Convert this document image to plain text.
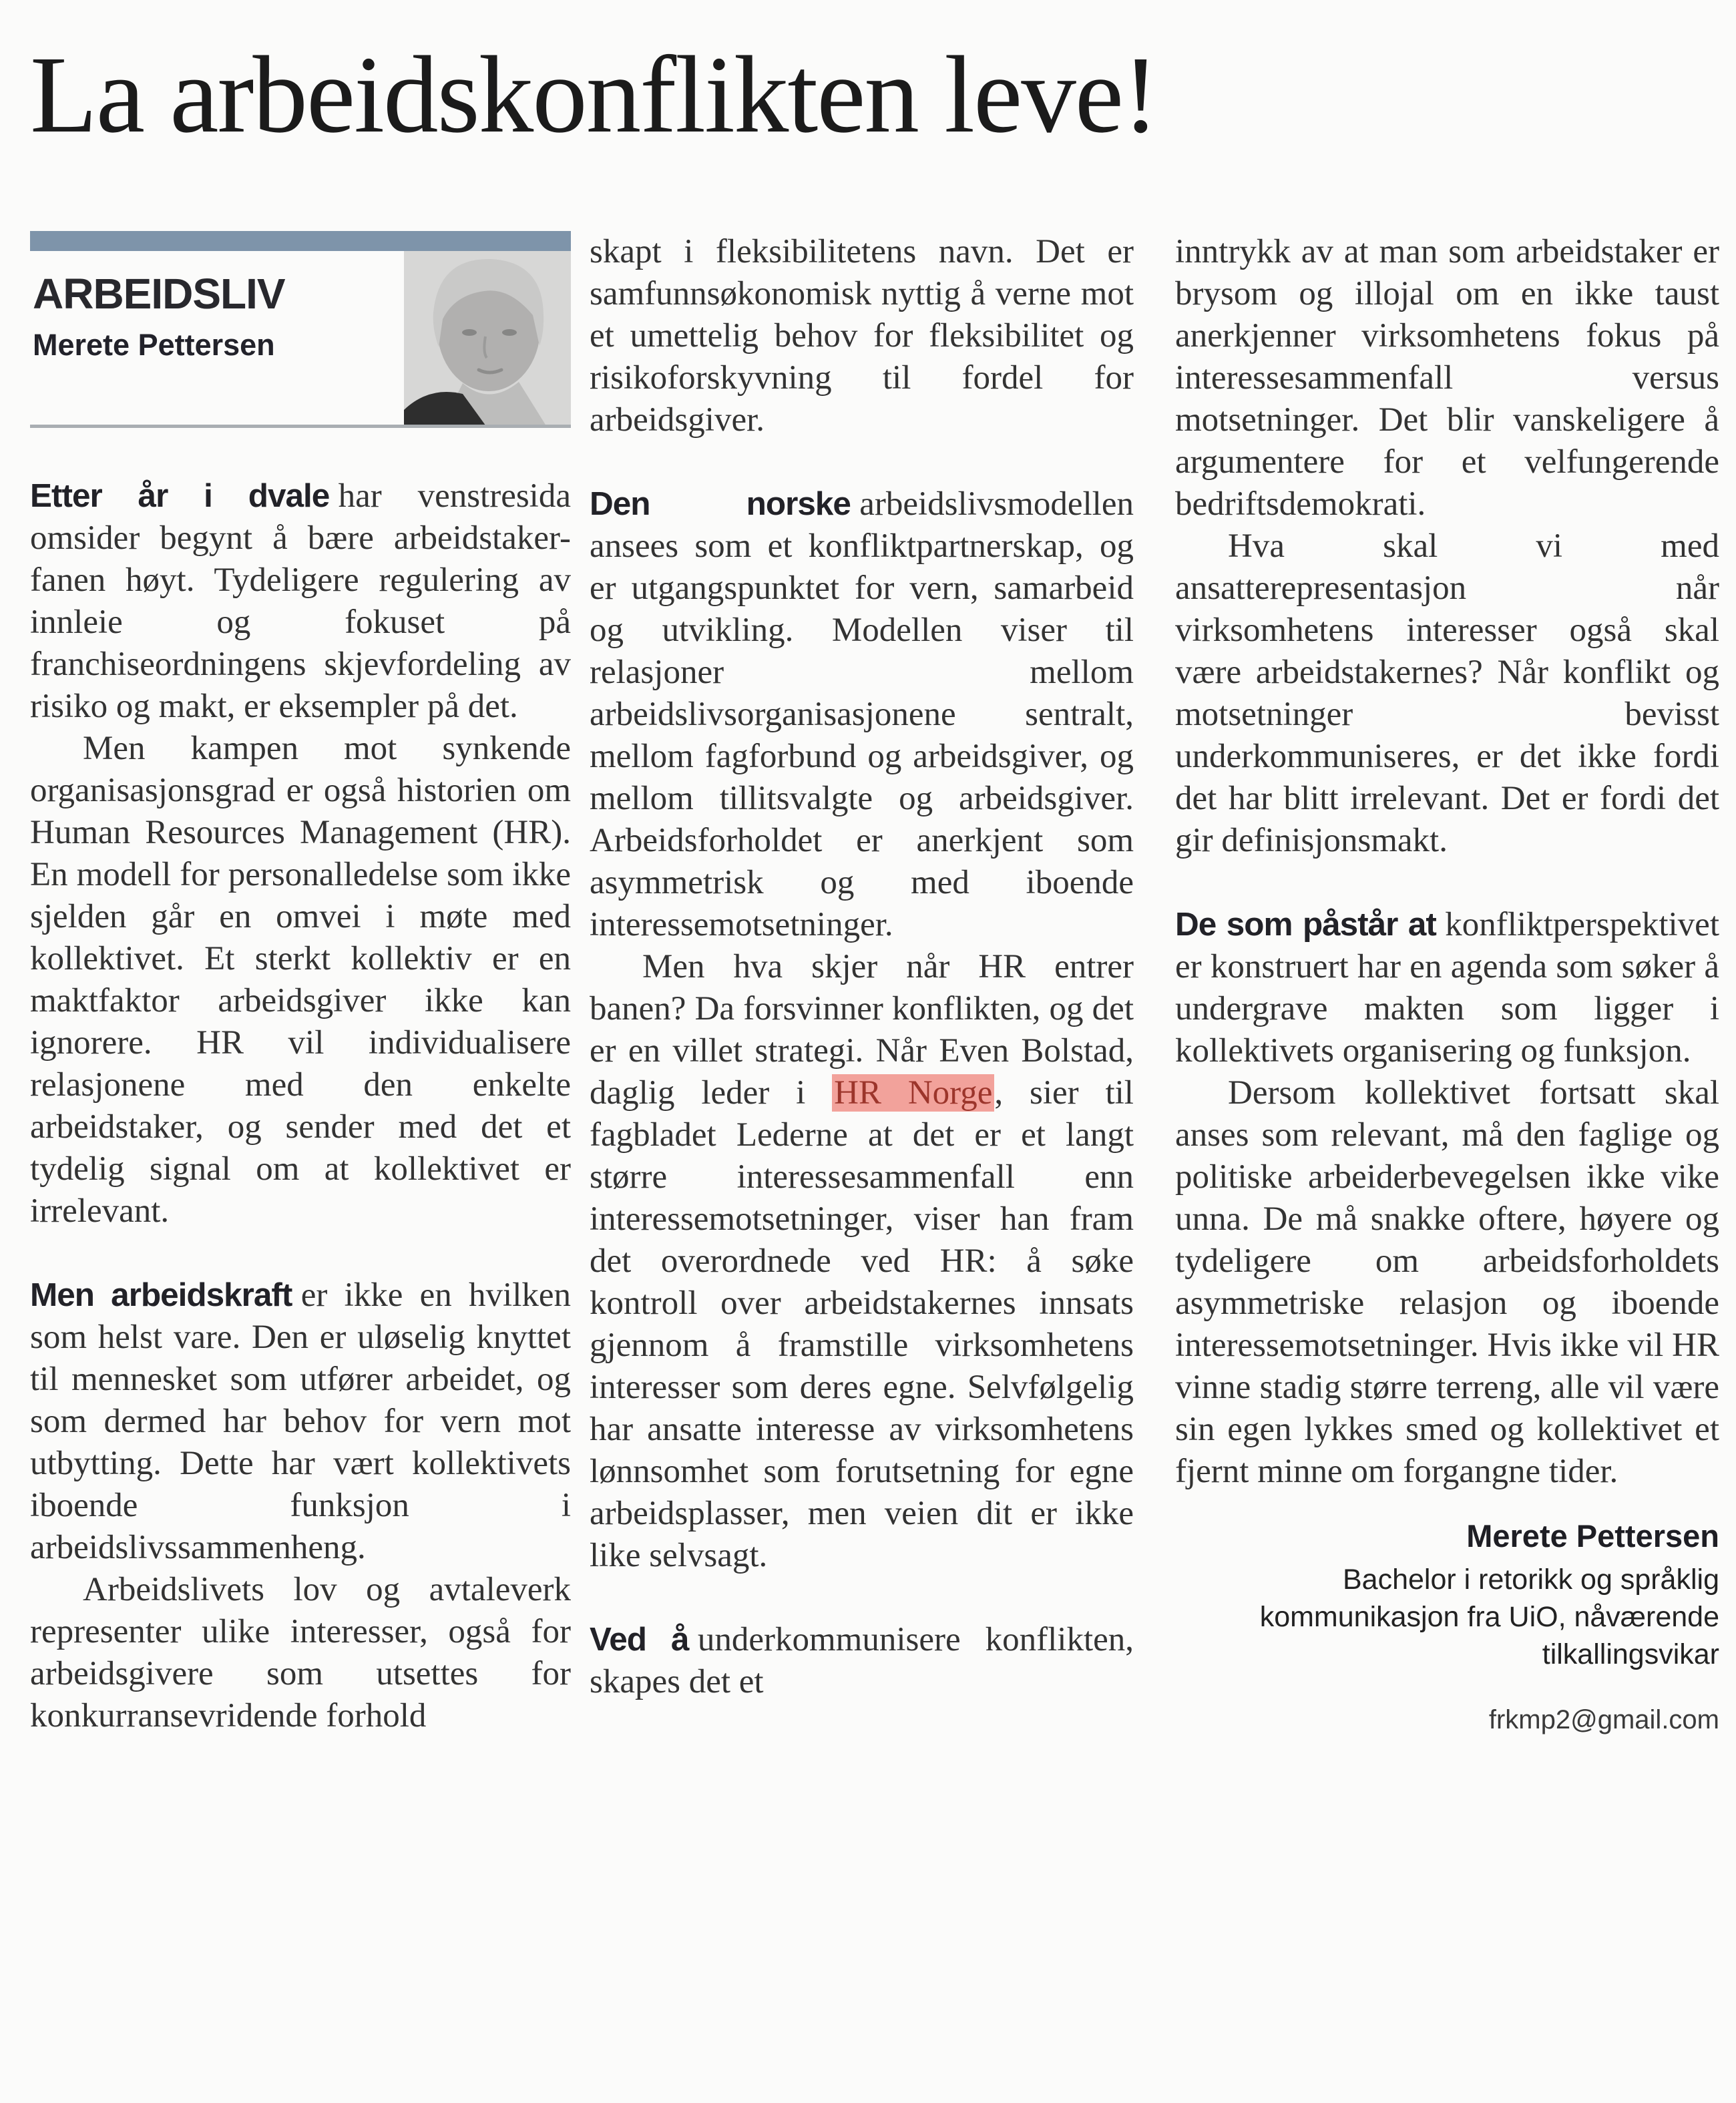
La arbeidskonflikten leve!
ARBEIDSLIV
Merete Pettersen

Etter år i dvale har venstresida omsider begynt å bære arbeidstaker-fanen høyt. Tydeligere regulering av innleie og fokuset på franchiseordningens skjevfordeling av risiko og makt, er eksempler på det.

Men kampen mot synkende organisasjonsgrad er også historien om Human Resources Management (HR). En modell for personalledelse som ikke sjelden går en omvei i møte med kollektivet. Et sterkt kollektiv er en maktfaktor arbeidsgiver ikke kan ignorere. HR vil individualisere relasjonene med den enkelte arbeidstaker, og sender med det et tydelig signal om at kollektivet er irrelevant.

Men arbeidskraft er ikke en hvilken som helst vare. Den er uløselig knyttet til mennesket som utfører arbeidet, og som dermed har behov for vern mot utbytting. Dette har vært kollektivets iboende funksjon i arbeidslivssammenheng.

Arbeidslivets lov og avtaleverk representer ulike interesser, også for arbeidsgivere som utsettes for konkurransevridende forhold

skapt i fleksibilitetens navn. Det er samfunnsøkonomisk nyttig å verne mot et umettelig behov for fleksibilitet og risikoforskyvning til fordel for arbeidsgiver.

Den norske arbeidslivsmodellen ansees som et konfliktpartnerskap, og er utgangspunktet for vern, samarbeid og utvikling. Modellen viser til relasjoner mellom arbeidslivsorganisasjonene sentralt, mellom fagforbund og arbeidsgiver, og mellom tillitsvalgte og arbeidsgiver. Arbeidsforholdet er anerkjent som asymmetrisk og med iboende interessemotsetninger.

Men hva skjer når HR entrer banen? Da forsvinner konflikten, og det er en villet strategi. Når Even Bolstad, daglig leder i HR Norge, sier til fagbladet Lederne at det er et langt større interessesammenfall enn interessemotsetninger, viser han fram det overordnede ved HR: å søke kontroll over arbeidstakernes innsats gjennom å framstille virksomhetens interesser som deres egne. Selvfølgelig har ansatte interesse av virksomhetens lønnsomhet som forutsetning for egne arbeidsplasser, men veien dit er ikke like selvsagt.

Ved å underkommunisere konflikten, skapes det et

inntrykk av at man som arbeidstaker er brysom og illojal om en ikke taust anerkjenner virksomhetens fokus på interessesammenfall versus motsetninger. Det blir vanskeligere å argumentere for et velfungerende bedriftsdemokrati.

Hva skal vi med ansatterepresentasjon når virksomhetens interesser også skal være arbeidstakernes? Når konflikt og motsetninger bevisst underkommuniseres, er det ikke fordi det har blitt irrelevant. Det er fordi det gir definisjonsmakt.

De som påstår at konfliktperspektivet er konstruert har en agenda som søker å undergrave makten som ligger i kollektivets organisering og funksjon.

Dersom kollektivet fortsatt skal anses som relevant, må den faglige og politiske arbeiderbevegelsen ikke vike unna. De må snakke oftere, høyere og tydeligere om arbeidsforholdets asymmetriske relasjon og iboende interessemotsetninger. Hvis ikke vil HR vinne stadig større terreng, alle vil være sin egen lykkes smed og kollektivet et fjernt minne om forgangne tider.

Merete Pettersen
Bachelor i retorikk og språklig kommunikasjon fra UiO, nåværende tilkallingsvikar
frkmp2@gmail.com
